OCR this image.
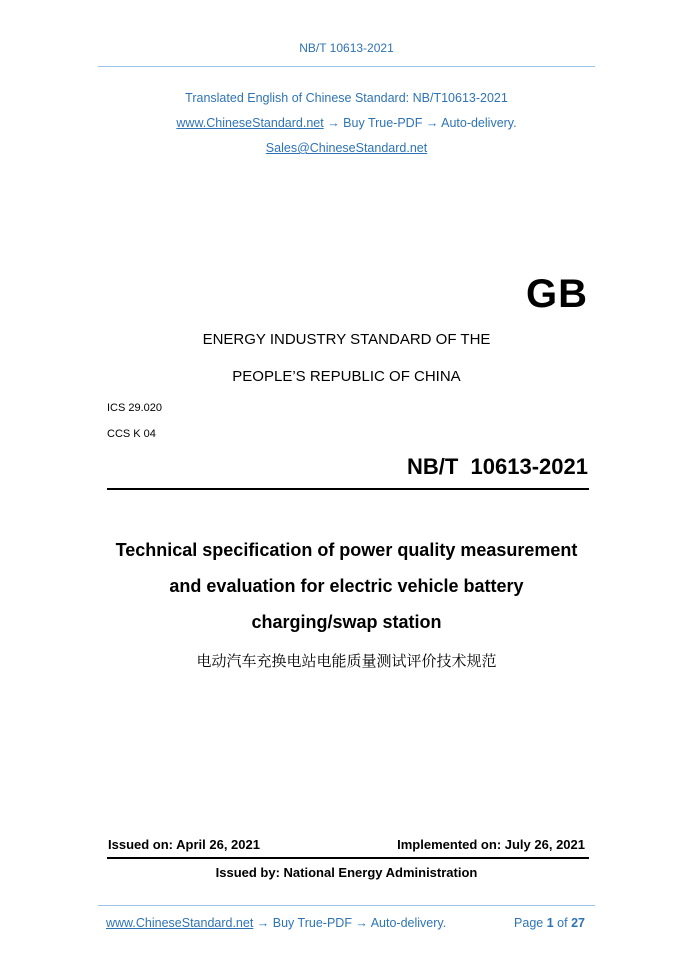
NB/T 10613-2021
Translated English of Chinese Standard: NB/T10613-2021
www.ChineseStandard.net → Buy True-PDF → Auto-delivery.
Sales@ChineseStandard.net
GB
ENERGY INDUSTRY STANDARD OF THE
PEOPLE’S REPUBLIC OF CHINA
ICS 29.020
CCS K 04
NB/T  10613-2021
Technical specification of power quality measurement
and evaluation for electric vehicle battery
charging/swap station
电动汽车充换电站电能质量测试评价技术规范
Issued on: April 26, 2021	Implemented on: July 26, 2021
Issued by: National Energy Administration
www.ChineseStandard.net → Buy True-PDF → Auto-delivery.	Page 1 of 27
